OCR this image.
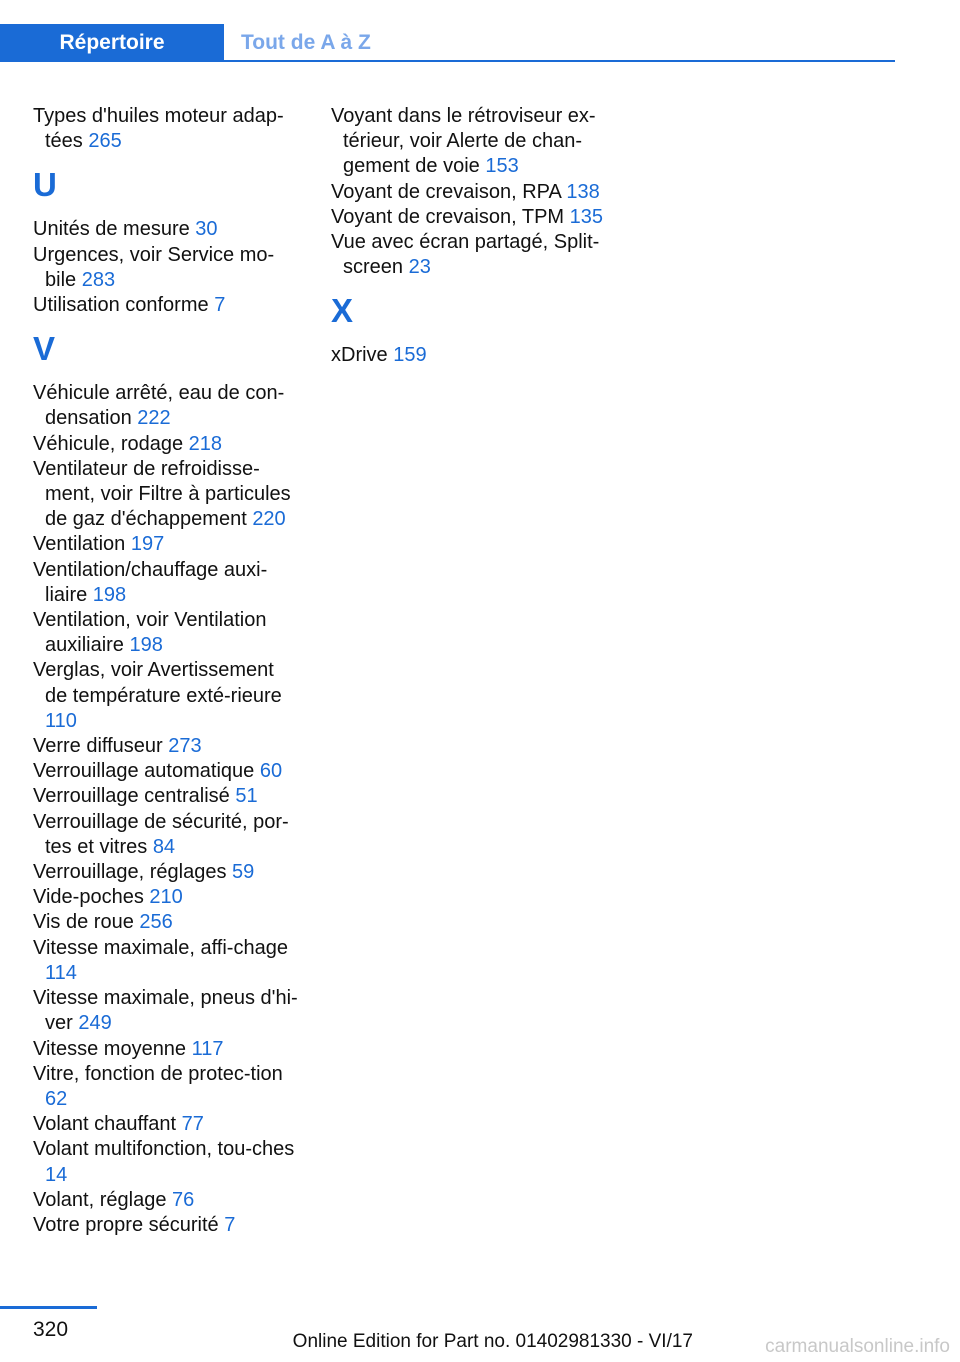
Répertoire	Tout de A à Z
Types d'huiles moteur adap‐tées 265
U
Unités de mesure 30
Urgences, voir Service mo‐bile 283
Utilisation conforme 7
V
Véhicule arrêté, eau de con‐densation 222
Véhicule, rodage 218
Ventilateur de refroidisse‐ment, voir Filtre à particules de gaz d'échappement 220
Ventilation 197
Ventilation/chauffage auxi‐liaire 198
Ventilation, voir Ventilation auxiliaire 198
Verglas, voir Avertissement de température exté‐rieure 110
Verre diffuseur 273
Verrouillage automatique 60
Verrouillage centralisé 51
Verrouillage de sécurité, por‐tes et vitres 84
Verrouillage, réglages 59
Vide-poches 210
Vis de roue 256
Vitesse maximale, affi‐chage 114
Vitesse maximale, pneus d'hi‐ver 249
Vitesse moyenne 117
Vitre, fonction de protec‐tion 62
Volant chauffant 77
Volant multifonction, tou‐ches 14
Volant, réglage 76
Votre propre sécurité 7
Voyant dans le rétroviseur ex‐térieur, voir Alerte de chan‐gement de voie 153
Voyant de crevaison, RPA 138
Voyant de crevaison, TPM 135
Vue avec écran partagé, Split‐screen 23
X
xDrive 159
320
Online Edition for Part no. 01402981330 - VI/17	carmanualsonline.info
